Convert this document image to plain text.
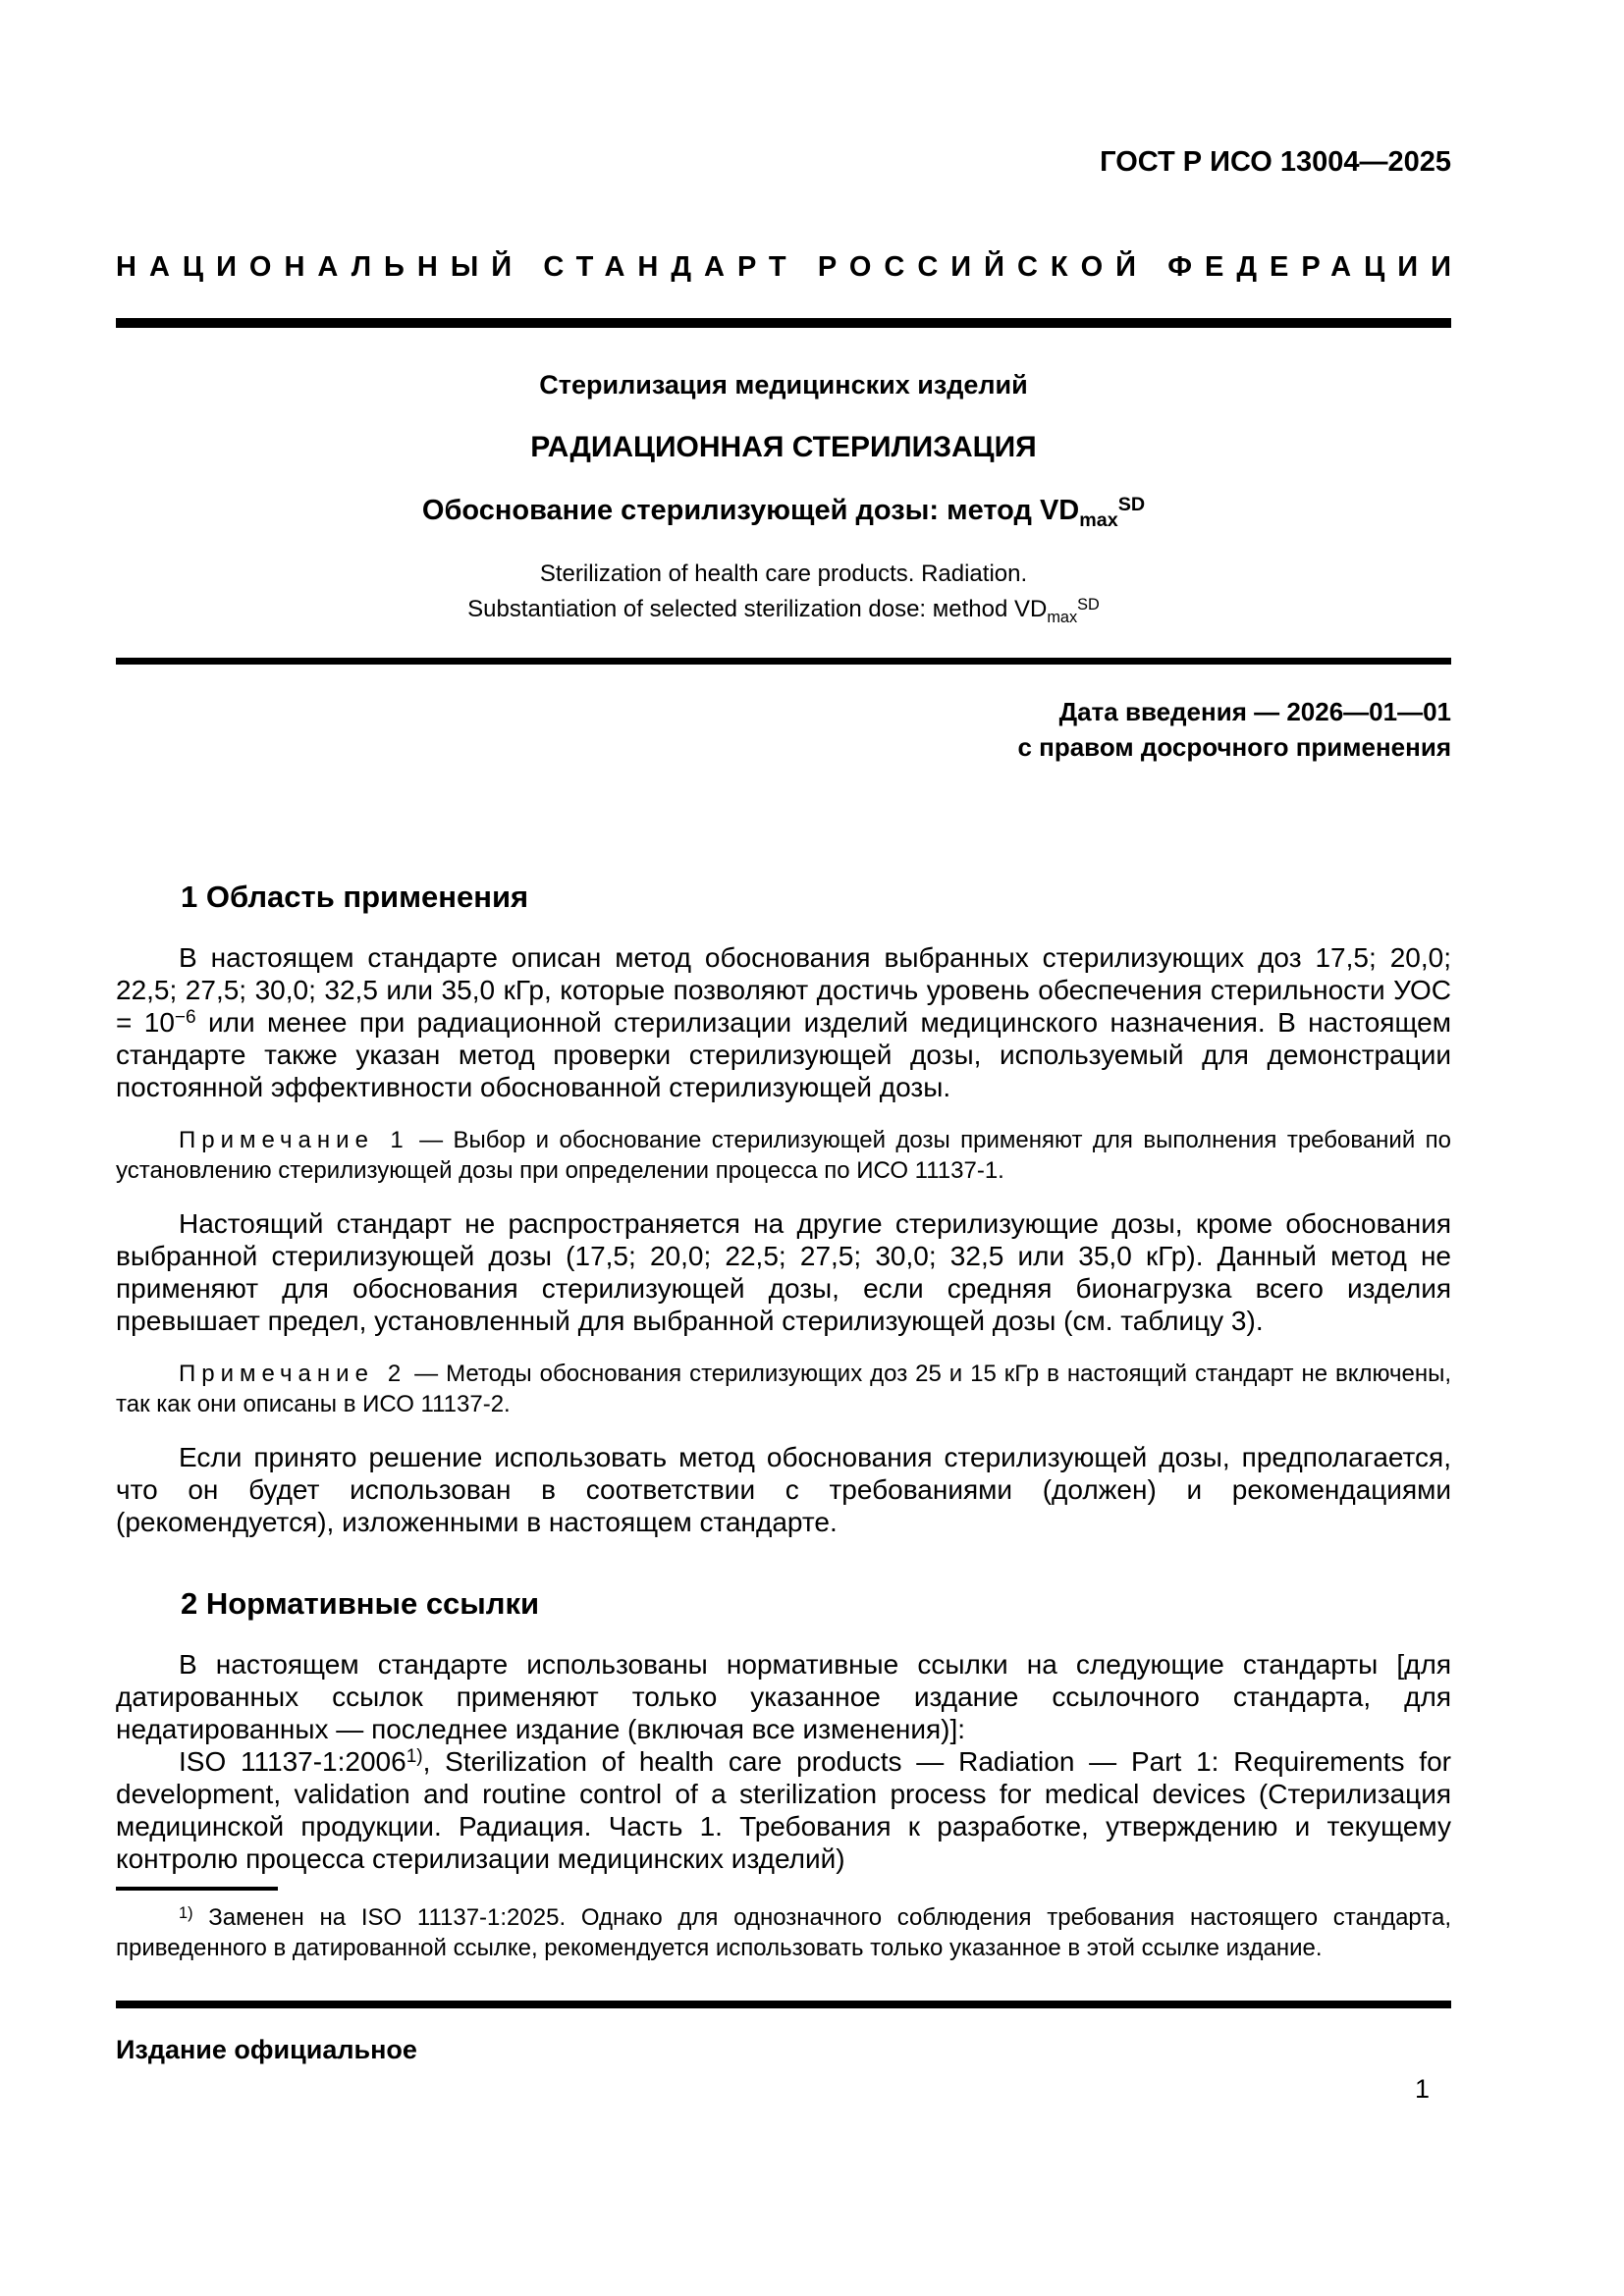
ГОСТ Р ИСО 13004—2025
НАЦИОНАЛЬНЫЙ СТАНДАРТ РОССИЙСКОЙ ФЕДЕРАЦИИ
Стерилизация медицинских изделий
РАДИАЦИОННАЯ СТЕРИЛИЗАЦИЯ
Обоснование стерилизующей дозы: метод $VD_{max}^{SD}$
Sterilization of health care products. Radiation.
Substantiation of selected sterilization dose: мethod $VD_{max}^{SD}$
Дата введения — 2026—01—01
с правом досрочного применения
1 Область применения

В настоящем стандарте описан метод обоснования выбранных стерилизующих доз 17,5; 20,0; 22,5; 27,5; 30,0; 32,5 или 35,0 кГр, которые позволяют достичь уровень обеспечения стерильности УОС = $10^{-6}$ или менее при радиационной стерилизации изделий медицинского назначения. В настоящем стандарте также указан метод проверки стерилизующей дозы, используемый для демонстрации постоянной эффективности обоснованной стерилизующей дозы.

Примечание 1 — Выбор и обоснование стерилизующей дозы применяют для выполнения требований по установлению стерилизующей дозы при определении процесса по ИСО 11137-1.

Настоящий стандарт не распространяется на другие стерилизующие дозы, кроме обоснования выбранной стерилизующей дозы (17,5; 20,0; 22,5; 27,5; 30,0; 32,5 или 35,0 кГр). Данный метод не применяют для обоснования стерилизующей дозы, если средняя бионагрузка всего изделия превышает предел, установленный для выбранной стерилизующей дозы (см. таблицу 3).

Примечание 2 — Методы обоснования стерилизующих доз 25 и 15 кГр в настоящий стандарт не включены, так как они описаны в ИСО 11137-2.

Если принято решение использовать метод обоснования стерилизующей дозы, предполагается, что он будет использован в соответствии с требованиями (должен) и рекомендациями (рекомендуется), изложенными в настоящем стандарте.

2 Нормативные ссылки

В настоящем стандарте использованы нормативные ссылки на следующие стандарты [для датированных ссылок применяют только указанное издание ссылочного стандарта, для недатированных — последнее издание (включая все изменения)]:

ISO 11137-1:2006$^{1)}$, Sterilization of health care products — Radiation — Part 1: Requirements for development, validation and routine control of a sterilization process for medical devices (Стерилизация медицинской продукции. Радиация. Часть 1. Требования к разработке, утверждению и текущему контролю процесса стерилизации медицинских изделий)

$^{1)}$ Заменен на ISO 11137-1:2025. Однако для однозначного соблюдения требования настоящего стандарта, приведенного в датированной ссылке, рекомендуется использовать только указанное в этой ссылке издание.

Издание официальное
1
